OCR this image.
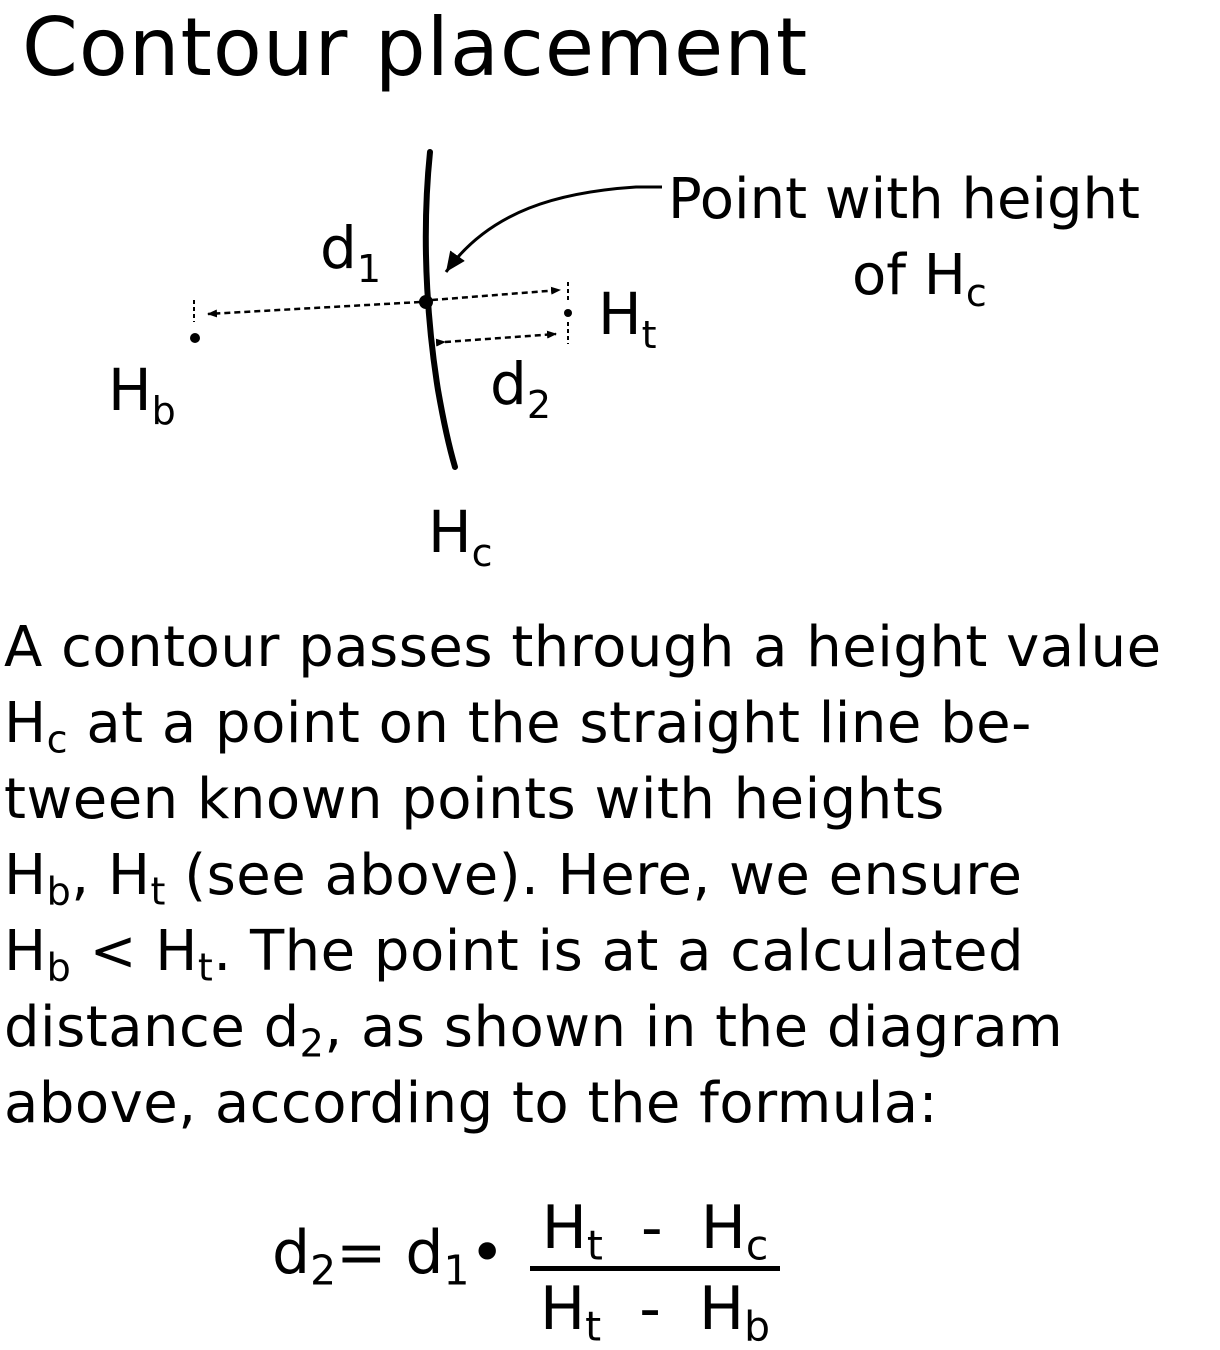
Contour placement
$d_1$
$d_2$
$H_b$
$H_t$
$H_c$
Point with height
of $H_c$
A contour passes through a height value
$H_c$ at a point on the straight line be-
tween known points with heights
$H_b$, $H_t$ (see above). Here, we ensure
$H_b < H_t$. The point is at a calculated
distance $d_2$, as shown in the diagram
above, according to the formula:
$d_2=$ $d_1•$ $H_t - H_c$
$H_t - H_b$
